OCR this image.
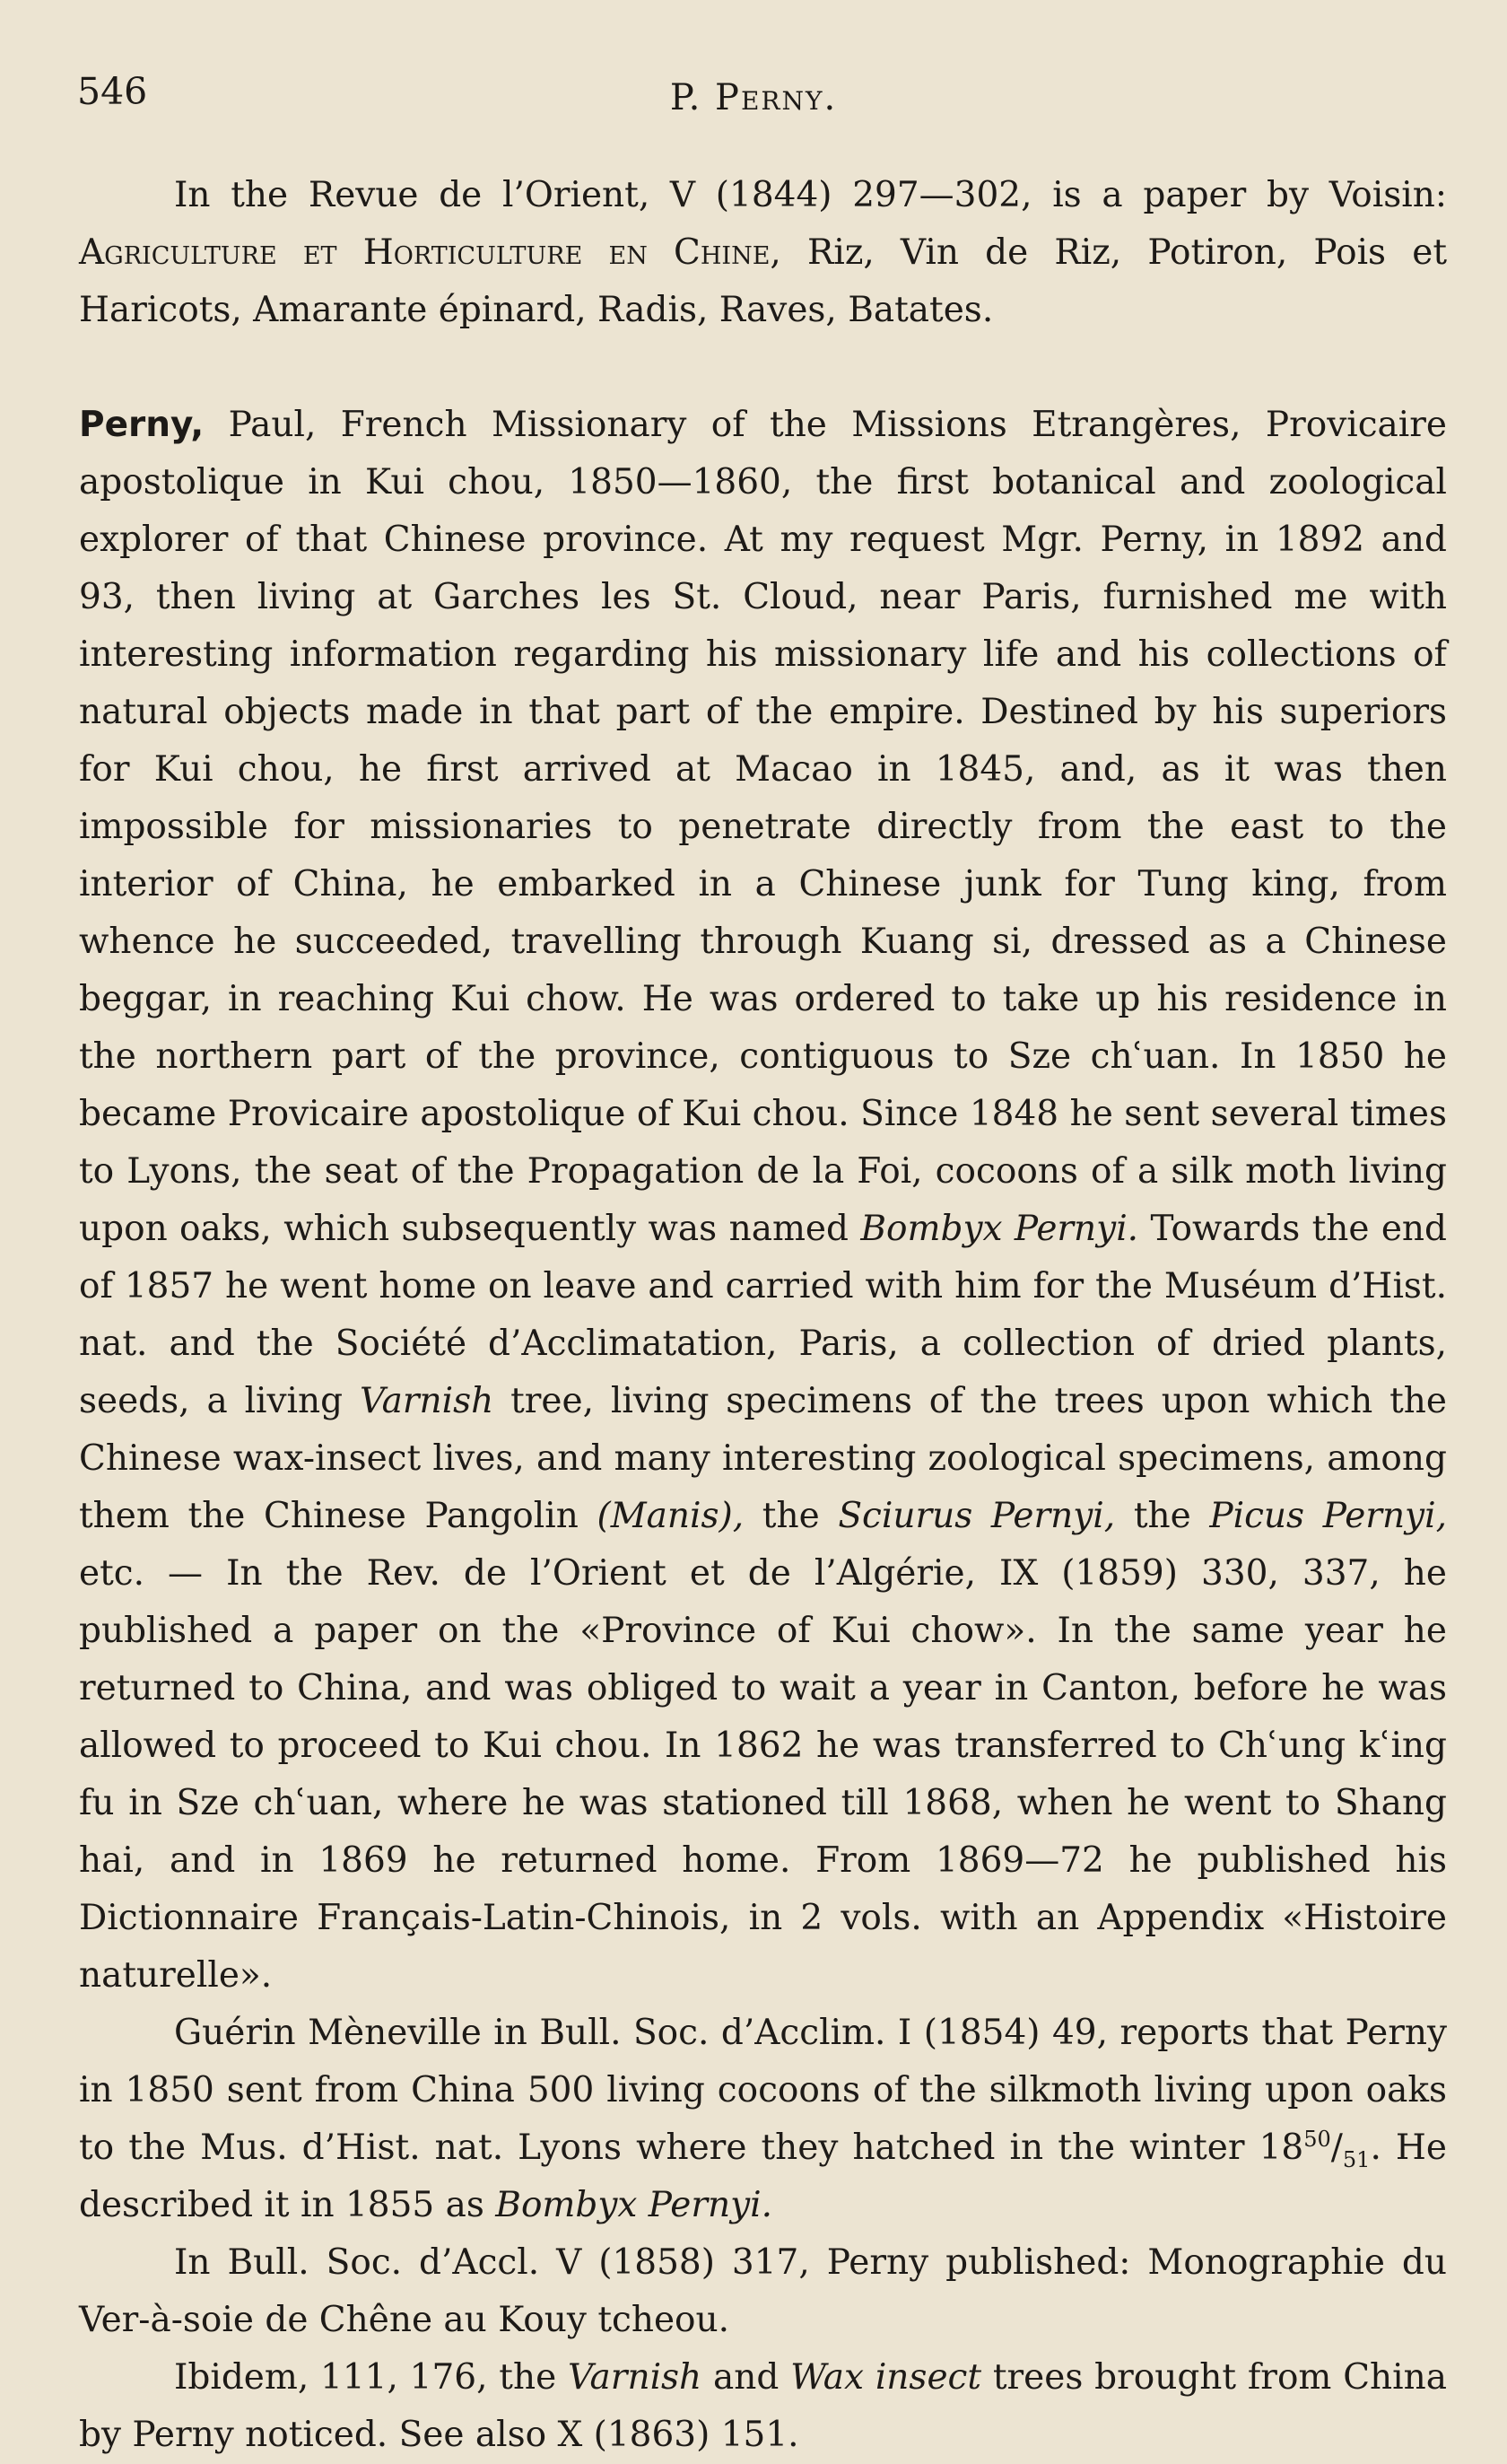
546	P. Perny.

In the Revue de l’Orient, V (1844) 297—302, is a paper by Voisin: Agriculture et Horticulture en Chine, Riz, Vin de Riz, Potiron, Pois et Haricots, Amarante épinard, Radis, Raves, Batates.

Perny, Paul, French Missionary of the Missions Etrangères, Provicaire apostolique in Kui chou, 1850—1860, the first botanical and zoological explorer of that Chinese province. At my request Mgr. Perny, in 1892 and 93, then living at Garches les St. Cloud, near Paris, furnished me with interesting information regarding his missionary life and his collections of natural objects made in that part of the empire. Destined by his superiors for Kui chou, he first arrived at Macao in 1845, and, as it was then impossible for missionaries to penetrate directly from the east to the interior of China, he embarked in a Chinese junk for Tung king, from whence he succeeded, travelling through Kuang si, dressed as a Chinese beggar, in reaching Kui chow. He was ordered to take up his residence in the northern part of the province, contiguous to Sze chʿuan. In 1850 he became Provicaire apostolique of Kui chou. Since 1848 he sent several times to Lyons, the seat of the Propagation de la Foi, cocoons of a silk moth living upon oaks, which subsequently was named Bombyx Pernyi. Towards the end of 1857 he went home on leave and carried with him for the Muséum d’Hist. nat. and the Société d’Acclimatation, Paris, a collection of dried plants, seeds, a living Varnish tree, living specimens of the trees upon which the Chinese wax-insect lives, and many interesting zoological specimens, among them the Chinese Pangolin (Manis), the Sciurus Pernyi, the Picus Pernyi, etc. — In the Rev. de l’Orient et de l’Algérie, IX (1859) 330, 337, he published a paper on the «Province of Kui chow». In the same year he returned to China, and was obliged to wait a year in Canton, before he was allowed to proceed to Kui chou. In 1862 he was transferred to Chʿung kʿing fu in Sze chʿuan, where he was stationed till 1868, when he went to Shang hai, and in 1869 he returned home. From 1869—72 he published his Dictionnaire Français-Latin-Chinois, in 2 vols. with an Appendix «Histoire naturelle».

Guérin Mèneville in Bull. Soc. d’Acclim. I (1854) 49, reports that Perny in 1850 sent from China 500 living cocoons of the silkmoth living upon oaks to the Mus. d’Hist. nat. Lyons where they hatched in the winter $18^{50}/_{51}$. He described it in 1855 as Bombyx Pernyi.

In Bull. Soc. d’Accl. V (1858) 317, Perny published: Monographie du Ver-à-soie de Chêne au Kouy tcheou.

Ibidem, 111, 176, the Varnish and Wax insect trees brought from China by Perny noticed. See also X (1863) 151.
